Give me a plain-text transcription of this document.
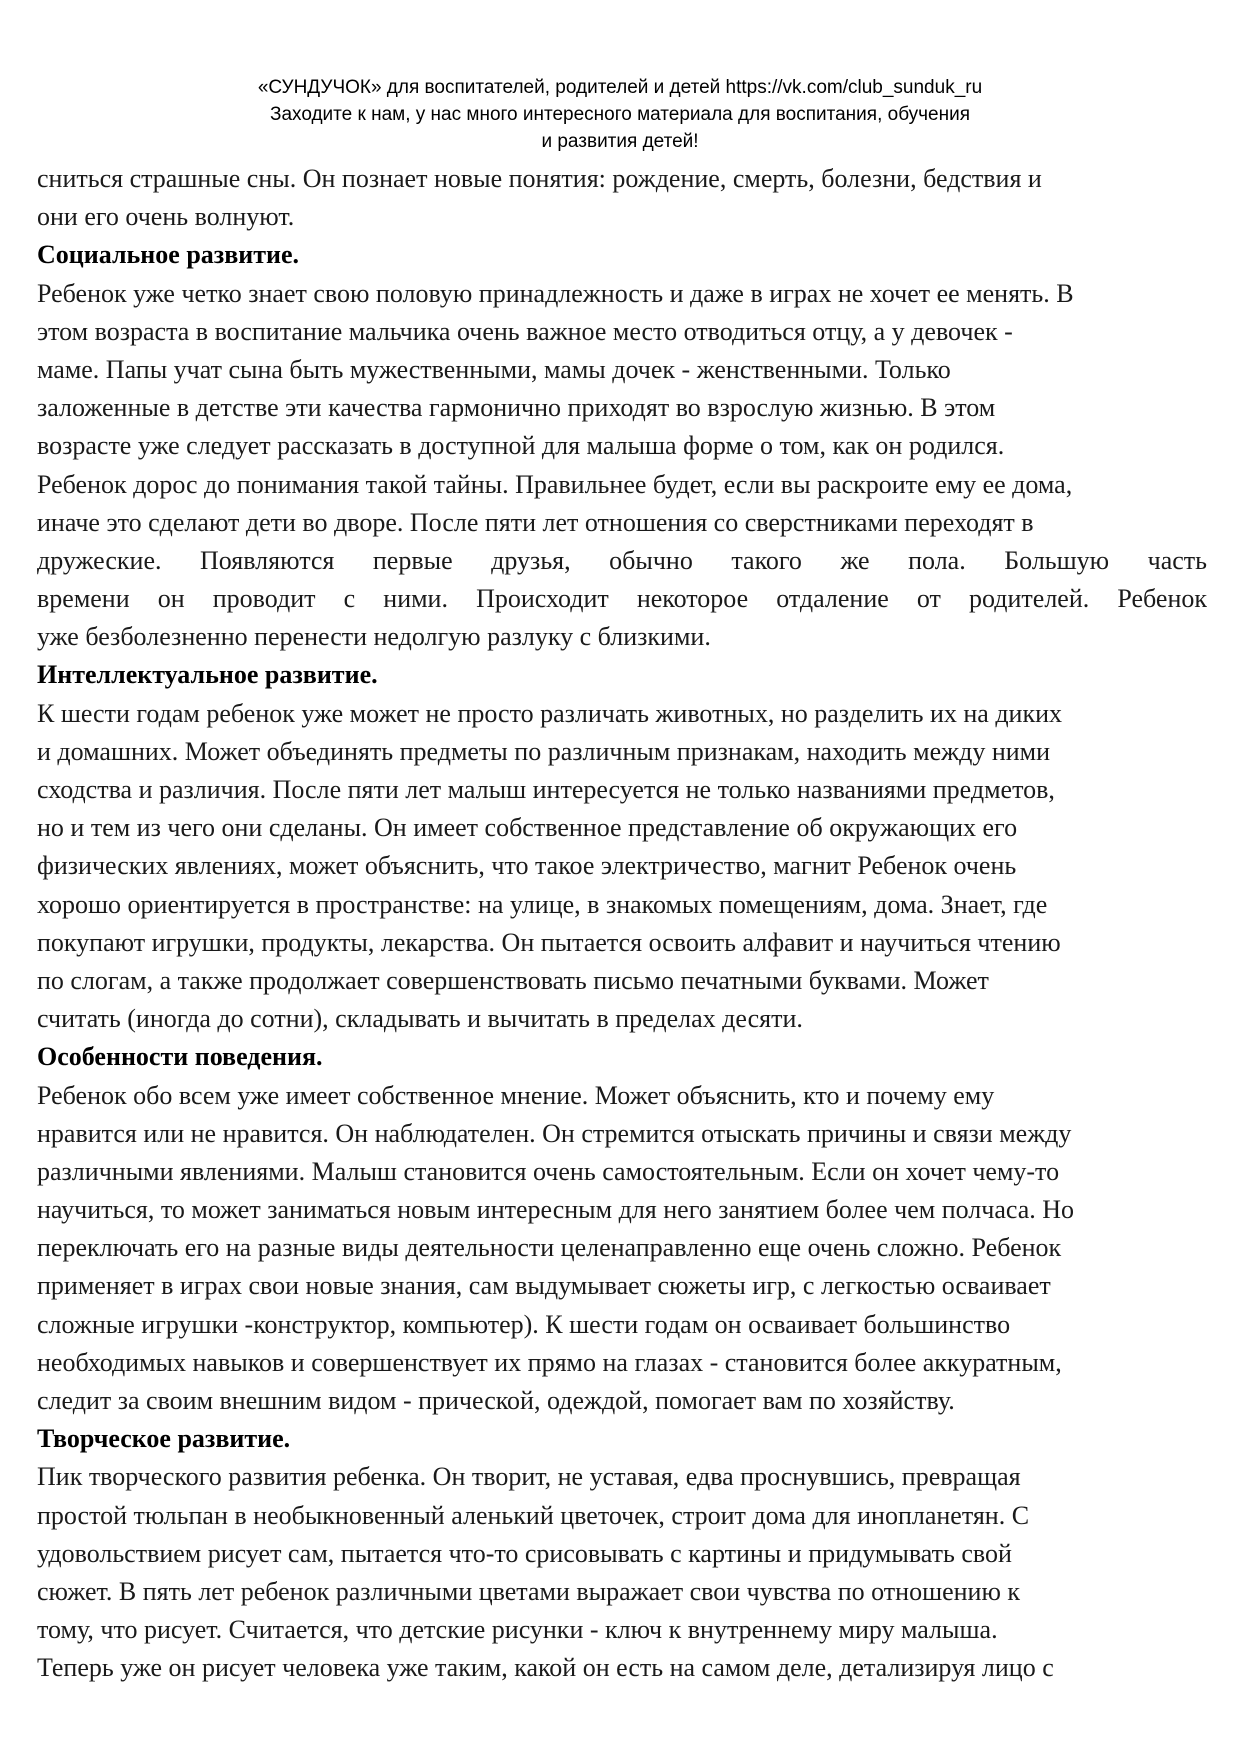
«СУНДУЧОК» для воспитателей, родителей и детей https://vk.com/club_sunduk_ru
Заходите к нам, у нас много интересного материала для воспитания, обучения
и развития детей!
сниться страшные сны. Он познает новые понятия: рождение, смерть, болезни, бедствия и
они его очень волнуют.
Социальное развитие.
Ребенок уже четко знает свою половую принадлежность и даже в играх не хочет ее менять. В
этом возраста в воспитание мальчика очень важное место отводиться отцу, а у девочек -
маме. Папы учат сына быть мужественными, мамы дочек - женственными. Только
заложенные в детстве эти качества гармонично приходят во взрослую жизнью. В этом
возрасте уже следует рассказать в доступной для малыша форме о том, как он родился.
Ребенок дорос до понимания такой тайны. Правильнее будет, если вы раскроите ему ее дома,
иначе это сделают дети во дворе. После пяти лет отношения со сверстниками переходят в
дружеские. Появляются первые друзья, обычно такого же пола. Большую часть
времени он проводит с ними. Происходит некоторое отдаление от родителей. Ребенок
уже безболезненно перенести недолгую разлуку с близкими.
Интеллектуальное развитие.
К шести годам ребенок уже может не просто различать животных, но разделить их на диких
и домашних. Может объединять предметы по различным признакам, находить между ними
сходства и различия. После пяти лет малыш интересуется не только названиями предметов,
но и тем из чего они сделаны. Он имеет собственное представление об окружающих его
физических явлениях, может объяснить, что такое электричество, магнит Ребенок очень
хорошо ориентируется в пространстве: на улице, в знакомых помещениям, дома. Знает, где
покупают игрушки, продукты, лекарства. Он пытается освоить алфавит и научиться чтению
по слогам, а также продолжает совершенствовать письмо печатными буквами. Может
считать (иногда до сотни), складывать и вычитать в пределах десяти.
Особенности поведения.
Ребенок обо всем уже имеет собственное мнение. Может объяснить, кто и почему ему
нравится или не нравится. Он наблюдателен. Он стремится отыскать причины и связи между
различными явлениями. Малыш становится очень самостоятельным. Если он хочет чему-то
научиться, то может заниматься новым интересным для него занятием более чем полчаса. Но
переключать его на разные виды деятельности целенаправленно еще очень сложно. Ребенок
применяет в играх свои новые знания, сам выдумывает сюжеты игр, с легкостью осваивает
сложные игрушки -конструктор, компьютер). К шести годам он осваивает большинство
необходимых навыков и совершенствует их прямо на глазах - становится более аккуратным,
следит за своим внешним видом - прической, одеждой, помогает вам по хозяйству.
Творческое развитие.
Пик творческого развития ребенка. Он творит, не уставая, едва проснувшись, превращая
простой тюльпан в необыкновенный аленький цветочек, строит дома для инопланетян. С
удовольствием рисует сам, пытается что-то срисовывать с картины и придумывать свой
сюжет. В пять лет ребенок различными цветами выражает свои чувства по отношению к
тому, что рисует. Считается, что детские рисунки - ключ к внутреннему миру малыша.
Теперь уже он рисует человека уже таким, какой он есть на самом деле, детализируя лицо с
